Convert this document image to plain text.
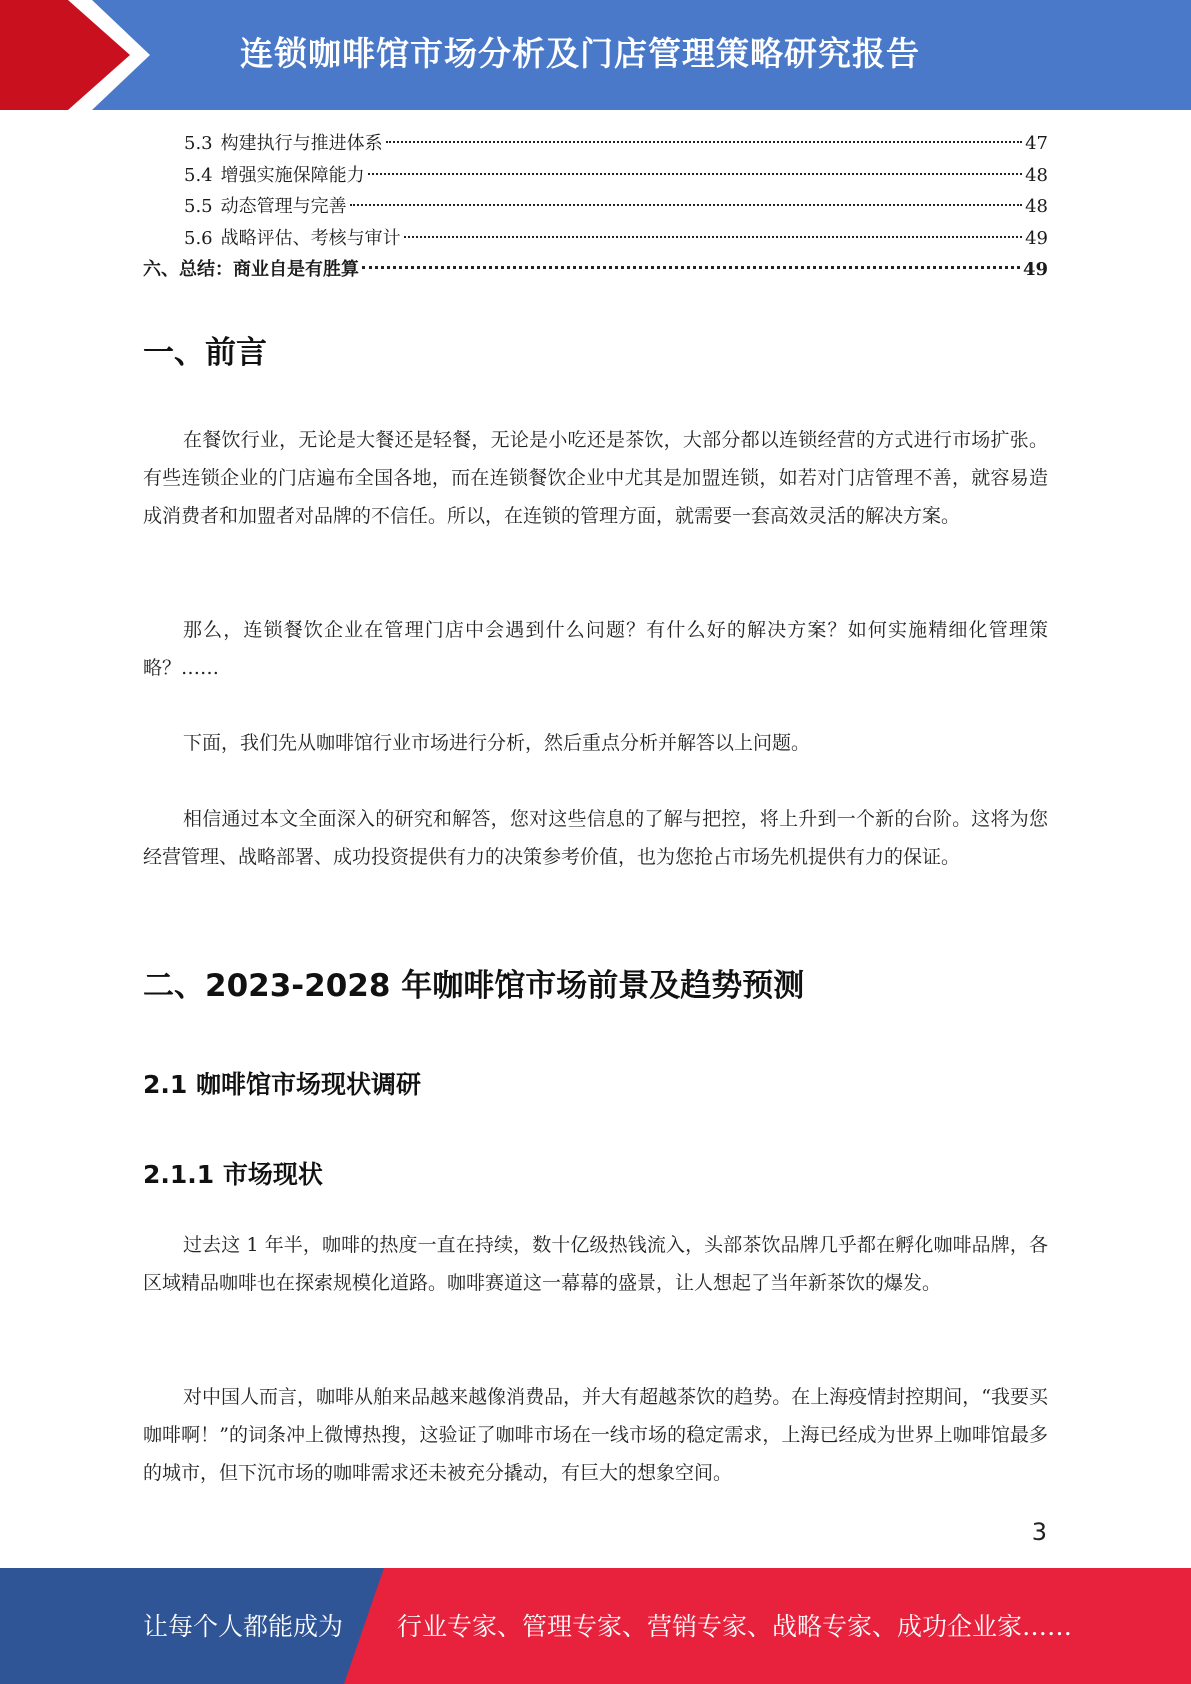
连锁咖啡馆市场分析及门店管理策略研究报告
5.3 构建执行与推进体系	47
5.4 增强实施保障能力	48
5.5 动态管理与完善	48
5.6 战略评估、考核与审计	49
六、总结：商业自是有胜算	49
一、前言

在餐饮行业，无论是大餐还是轻餐，无论是小吃还是茶饮，大部分都以连锁经营的方式进行市场扩张。有些连锁企业的门店遍布全国各地，而在连锁餐饮企业中尤其是加盟连锁，如若对门店管理不善，就容易造成消费者和加盟者对品牌的不信任。所以，在连锁的管理方面，就需要一套高效灵活的解决方案。

那么，连锁餐饮企业在管理门店中会遇到什么问题？有什么好的解决方案？如何实施精细化管理策略？……

下面，我们先从咖啡馆行业市场进行分析，然后重点分析并解答以上问题。

相信通过本文全面深入的研究和解答，您对这些信息的了解与把控，将上升到一个新的台阶。这将为您经营管理、战略部署、成功投资提供有力的决策参考价值，也为您抢占市场先机提供有力的保证。

二、2023-2028 年咖啡馆市场前景及趋势预测
2.1 咖啡馆市场现状调研
2.1.1 市场现状

过去这 1 年半，咖啡的热度一直在持续，数十亿级热钱流入，头部茶饮品牌几乎都在孵化咖啡品牌，各区域精品咖啡也在探索规模化道路。咖啡赛道这一幕幕的盛景，让人想起了当年新茶饮的爆发。

对中国人而言，咖啡从舶来品越来越像消费品，并大有超越茶饮的趋势。在上海疫情封控期间，“我要买咖啡啊！”的词条冲上微博热搜，这验证了咖啡市场在一线市场的稳定需求，上海已经成为世界上咖啡馆最多的城市，但下沉市场的咖啡需求还未被充分撬动，有巨大的想象空间。

3
让每个人都能成为 行业专家、管理专家、营销专家、战略专家、成功企业家……
